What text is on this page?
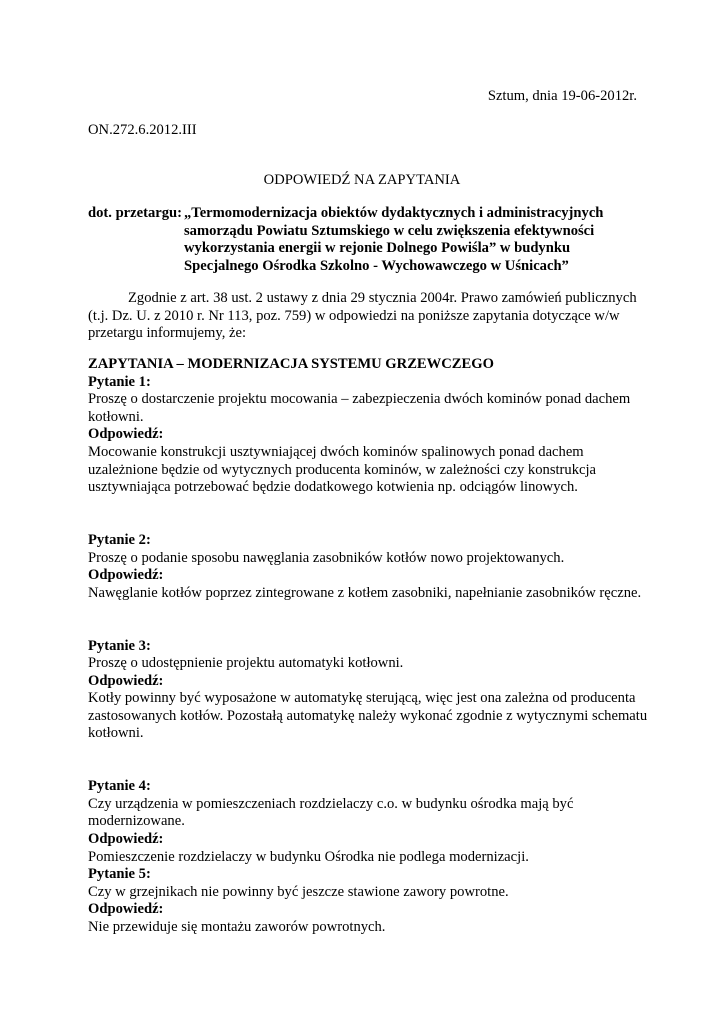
Sztum, dnia 19-06-2012r.

ON.272.6.2012.III

ODPOWIEDŹ NA ZAPYTANIA

dot. przetargu: „Termomodernizacja obiektów dydaktycznych i administracyjnych samorządu Powiatu Sztumskiego w celu zwiększenia efektywności wykorzystania energii w rejonie Dolnego Powiśla” w budynku Specjalnego Ośrodka Szkolno - Wychowawczego w Uśnicach”

Zgodnie z art. 38 ust. 2 ustawy z dnia 29 stycznia 2004r. Prawo zamówień publicznych (t.j. Dz. U. z 2010 r. Nr 113, poz. 759) w odpowiedzi na poniższe zapytania dotyczące w/w przetargu informujemy, że:

ZAPYTANIA – MODERNIZACJA SYSTEMU GRZEWCZEGO

Pytanie 1:

Proszę o dostarczenie projektu mocowania – zabezpieczenia dwóch kominów ponad dachem kotłowni.

Odpowiedź:

Mocowanie konstrukcji usztywniającej dwóch kominów spalinowych ponad dachem uzależnione będzie od wytycznych producenta kominów, w zależności czy konstrukcja usztywniająca potrzebować będzie dodatkowego kotwienia np. odciągów linowych.

Pytanie 2:

Proszę o podanie sposobu nawęglania zasobników kotłów nowo projektowanych.

Odpowiedź:

Nawęglanie kotłów poprzez zintegrowane z kotłem zasobniki, napełnianie zasobników ręczne.

Pytanie 3:

Proszę o udostępnienie projektu automatyki kotłowni.

Odpowiedź:

Kotły powinny być wyposażone w automatykę sterującą, więc jest ona zależna od producenta zastosowanych kotłów. Pozostałą automatykę należy wykonać zgodnie z wytycznymi schematu kotłowni.

Pytanie 4:

Czy urządzenia w pomieszczeniach rozdzielaczy c.o. w budynku ośrodka mają być modernizowane.

Odpowiedź:

Pomieszczenie rozdzielaczy w budynku Ośrodka nie podlega modernizacji.

Pytanie 5:

Czy w grzejnikach nie powinny być jeszcze stawione zawory powrotne.

Odpowiedź:

Nie przewiduje się montażu zaworów powrotnych.
